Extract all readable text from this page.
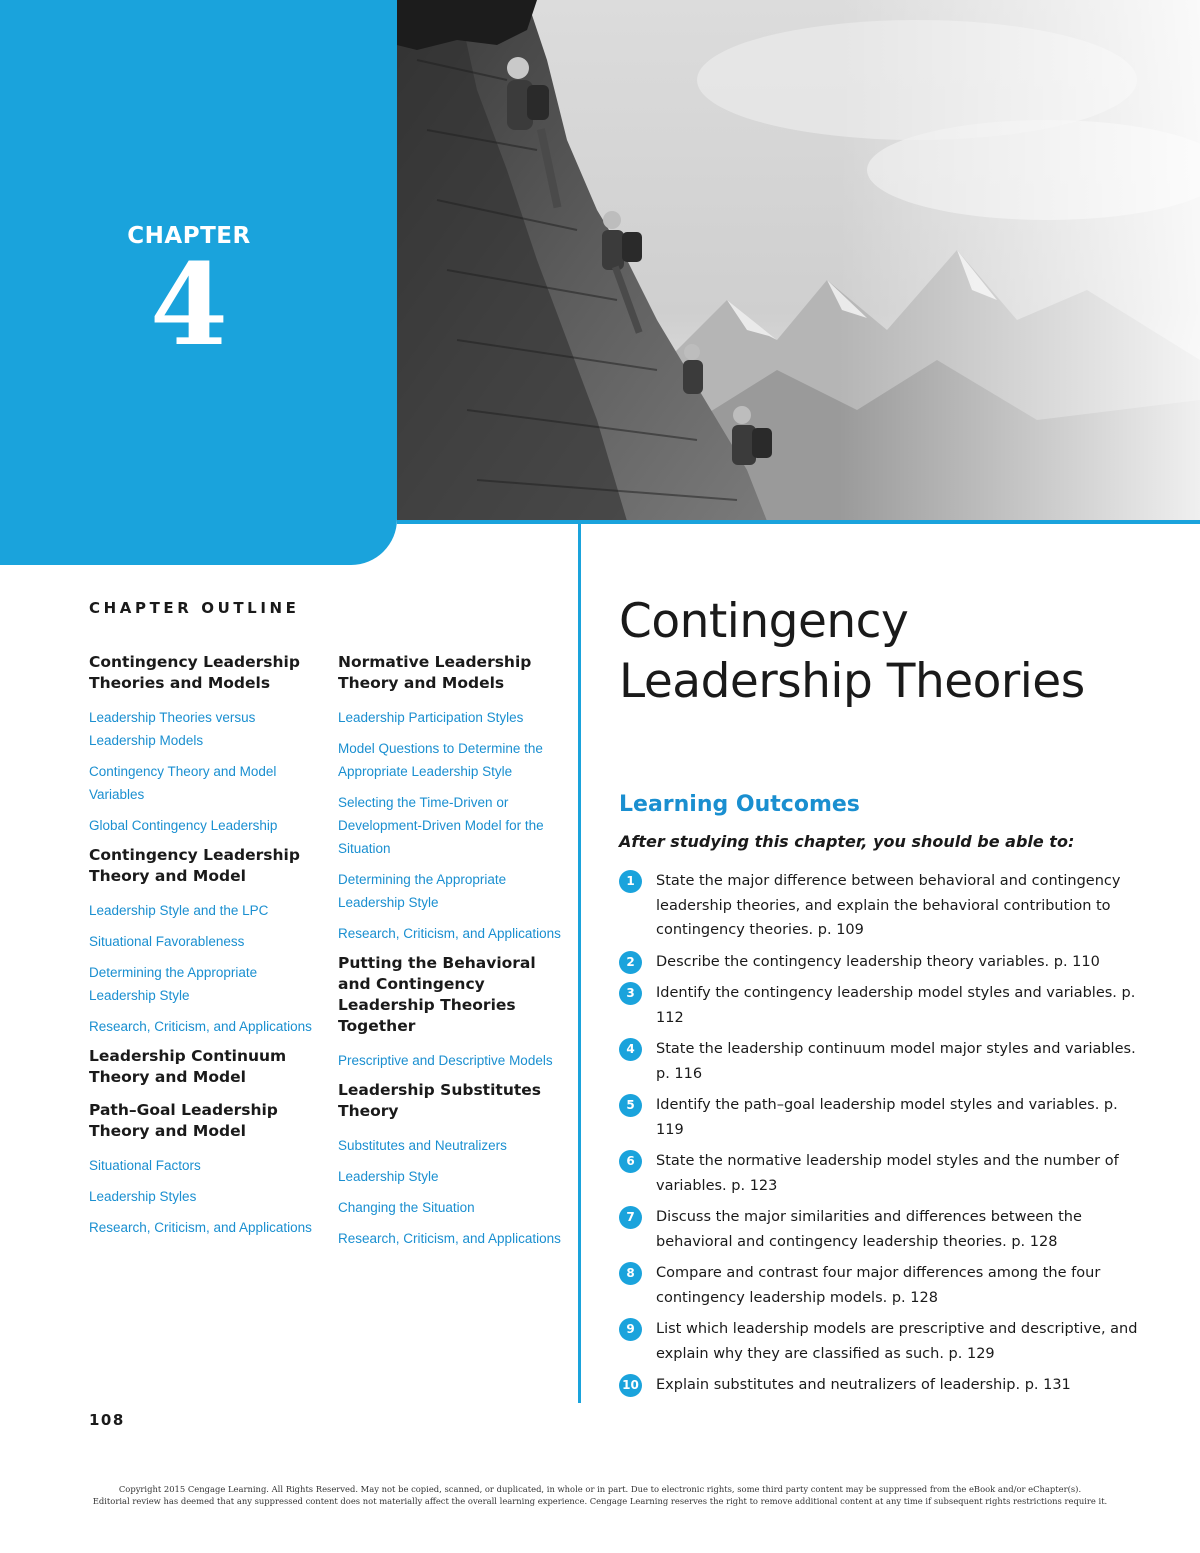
CHAPTER
4
CHAPTER OUTLINE
Contingency Leadership Theories and Models
Leadership Theories versus Leadership Models
Contingency Theory and Model Variables
Global Contingency Leadership
Contingency Leadership Theory and Model
Leadership Style and the LPC
Situational Favorableness
Determining the Appropriate Leadership Style
Research, Criticism, and Applications
Leadership Continuum Theory and Model
Path–Goal Leadership Theory and Model
Situational Factors
Leadership Styles
Research, Criticism, and Applications
Normative Leadership Theory and Models
Leadership Participation Styles
Model Questions to Determine the Appropriate Leadership Style
Selecting the Time-Driven or Development-Driven Model for the Situation
Determining the Appropriate Leadership Style
Research, Criticism, and Applications
Putting the Behavioral and Contingency Leadership Theories Together
Prescriptive and Descriptive Models
Leadership Substitutes Theory
Substitutes and Neutralizers
Leadership Style
Changing the Situation
Research, Criticism, and Applications
Contingency
Leadership Theories
Learning Outcomes
After studying this chapter, you should be able to:
1	State the major difference between behavioral and contingency leadership theories, and explain the behavioral contribution to contingency theories. p. 109
2	Describe the contingency leadership theory variables. p. 110
3	Identify the contingency leadership model styles and variables. p. 112
4	State the leadership continuum model major styles and variables. p. 116
5	Identify the path–goal leadership model styles and variables. p. 119
6	State the normative leadership model styles and the number of variables. p. 123
7	Discuss the major similarities and differences between the behavioral and contingency leadership theories. p. 128
8	Compare and contrast four major differences among the four contingency leadership models. p. 128
9	List which leadership models are prescriptive and descriptive, and explain why they are classified as such. p. 129
10 Explain substitutes and neutralizers of leadership. p. 131
108
Copyright 2015 Cengage Learning. All Rights Reserved. May not be copied, scanned, or duplicated, in whole or in part. Due to electronic rights, some third party content may be suppressed from the eBook and/or eChapter(s).
Editorial review has deemed that any suppressed content does not materially affect the overall learning experience. Cengage Learning reserves the right to remove additional content at any time if subsequent rights restrictions require it.
